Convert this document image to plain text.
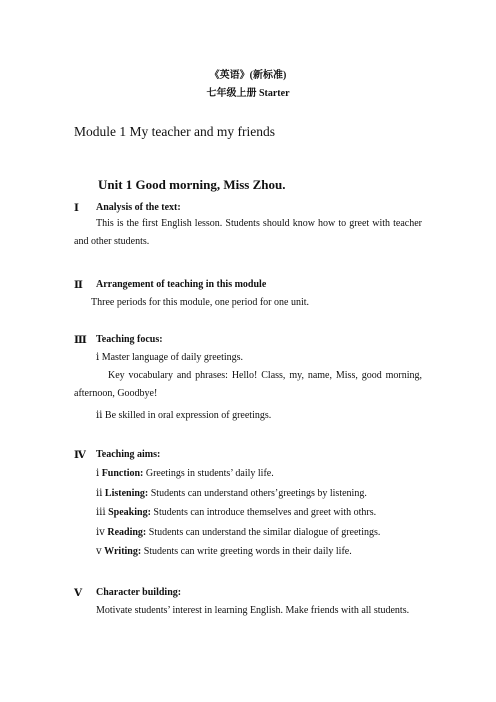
《英语》(新标准)
七年级上册 Starter
Module 1 My teacher and my friends
Unit 1 Good morning, Miss Zhou.
Ⅰ Analysis of the text:
This is the first English lesson. Students should know how to greet with teacher and other students.
Ⅱ Arrangement of teaching in this module
Three periods for this module, one period for one unit.
Ⅲ Teaching focus:
ⅰ Master language of daily greetings.
Key vocabulary and phrases: Hello! Class, my, name, Miss, good morning, afternoon, Goodbye!
ⅱ Be skilled in oral expression of greetings.
Ⅳ Teaching aims:
ⅰ Function: Greetings in students’ daily life.
ⅱ Listening: Students can understand others’greetings by listening.
ⅲ Speaking: Students can introduce themselves and greet with othrs.
ⅳ Reading: Students can understand the similar dialogue of greetings.
ⅴ Writing: Students can write greeting words in their daily life.
Ⅴ Character building:
Motivate students’ interest in learning English. Make friends with all students.
